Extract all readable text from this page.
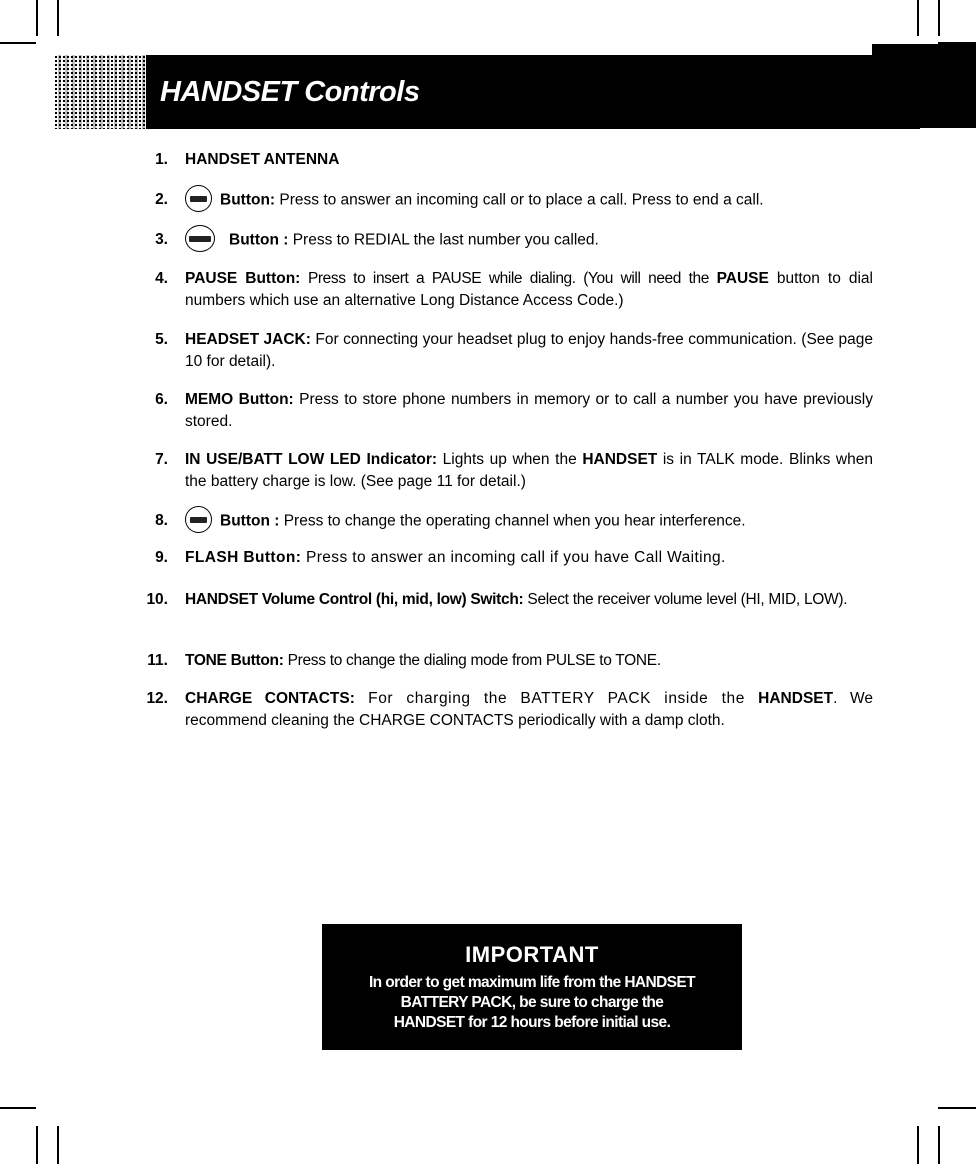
HANDSET Controls
1. HANDSET ANTENNA
2.	Button: Press to answer an incoming call or to place a call. Press to end a call.
3.	Button : Press to REDIAL the last number you called.
4. PAUSE Button: Press to insert a PAUSE while dialing. (You will need the PAUSE button to dial numbers which use an alternative Long Distance Access Code.)
5. HEADSET JACK: For connecting your headset plug to enjoy hands-free communication. (See page 10 for detail).
6. MEMO Button: Press to store phone numbers in memory or to call a number you have previously stored.
7. IN USE/BATT LOW LED Indicator: Lights up when the HANDSET is in TALK mode. Blinks when the battery charge is low. (See page 11 for detail.)
8.	Button : Press to change the operating channel when you hear interference.
9. FLASH Button: Press to answer an incoming call if you have Call Waiting.
10. HANDSET Volume Control (hi, mid, low) Switch: Select the receiver volume level (HI, MID, LOW).
11. TONE Button: Press to change the dialing mode from PULSE to TONE.
12. CHARGE CONTACTS: For charging the BATTERY PACK inside the HANDSET. We recommend cleaning the CHARGE CONTACTS periodically with a damp cloth.
IMPORTANT
In order to get maximum life from the HANDSET
BATTERY PACK, be sure to charge the
HANDSET for 12 hours before initial use.
